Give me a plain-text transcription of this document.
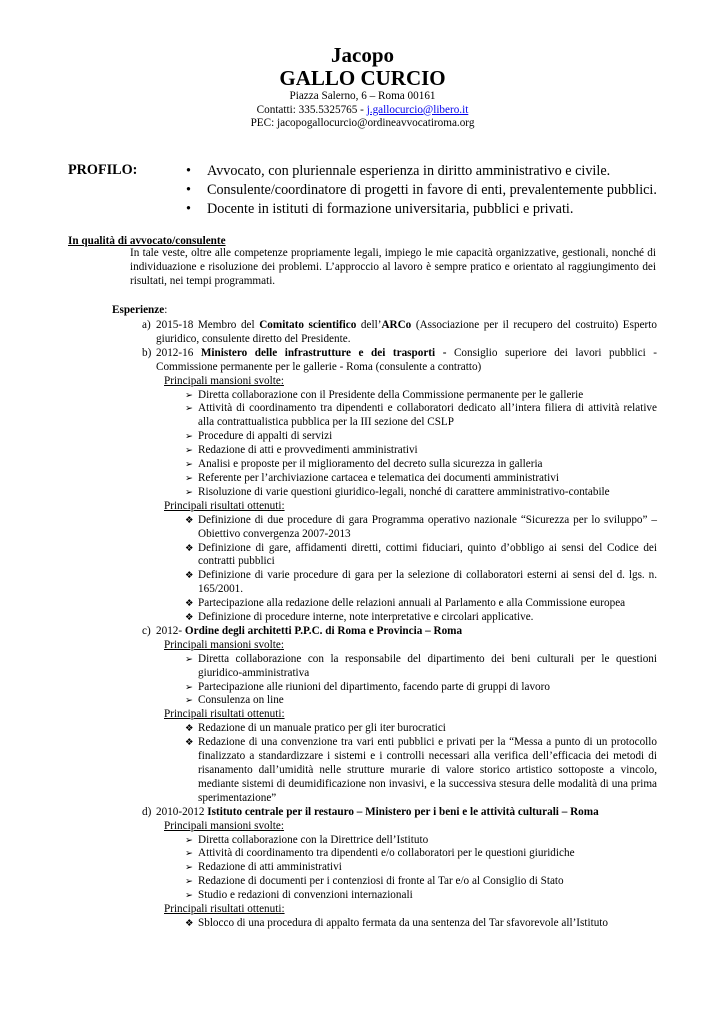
Jacopo
GALLO CURCIO
Piazza Salerno, 6 – Roma 00161
Contatti: 335.5325765 - j.gallocurcio@libero.it
PEC: jacopogallocurcio@ordineavvocatiroma.org
PROFILO:
•	Avvocato, con pluriennale esperienza in diritto amministrativo e civile.
• Consulente/coordinatore di progetti in favore di enti, prevalentemente pubblici.
• Docente in istituti di formazione universitaria, pubblici e privati.
In qualità di avvocato/consulente
In tale veste, oltre alle competenze propriamente legali, impiego le mie capacità organizzative, gestionali, nonché di individuazione e risoluzione dei problemi. L’approccio al lavoro è sempre pratico e orientato al raggiungimento dei risultati, nei tempi programmati.
Esperienze:
a) 2015-18 Membro del Comitato scientifico dell’ARCo (Associazione per il recupero del costruito) Esperto giuridico, consulente diretto del Presidente.
b) 2012-16 Ministero delle infrastrutture e dei trasporti - Consiglio superiore dei lavori pubblici - Commissione permanente per le gallerie - Roma (consulente a contratto)
Principali mansioni svolte:
➢ Diretta collaborazione con il Presidente della Commissione permanente per le gallerie
➢ Attività di coordinamento tra dipendenti e collaboratori dedicato all’intera filiera di attività relative alla contrattualistica pubblica per la III sezione del CSLP
➢ Procedure di appalti di servizi
➢ Redazione di atti e provvedimenti amministrativi
➢ Analisi e proposte per il miglioramento del decreto sulla sicurezza in galleria
➢ Referente per l’archiviazione cartacea e telematica dei documenti amministrativi
➢ Risoluzione di varie questioni giuridico-legali, nonché di carattere amministrativo-contabile
Principali risultati ottenuti:
❖ Definizione di due procedure di gara Programma operativo nazionale “Sicurezza per lo sviluppo” – Obiettivo convergenza 2007-2013
❖ Definizione di gare, affidamenti diretti, cottimi fiduciari, quinto d’obbligo ai sensi del Codice dei contratti pubblici
❖ Definizione di varie procedure di gara per la selezione di collaboratori esterni ai sensi del d. lgs. n. 165/2001.
❖ Partecipazione alla redazione delle relazioni annuali al Parlamento e alla Commissione europea
❖ Definizione di procedure interne, note interpretative e circolari applicative.
c) 2012- Ordine degli architetti P.P.C. di Roma e Provincia – Roma
Principali mansioni svolte:
➢ Diretta collaborazione con la responsabile del dipartimento dei beni culturali per le questioni giuridico-amministrativa
➢ Partecipazione alle riunioni del dipartimento, facendo parte di gruppi di lavoro
➢ Consulenza on line
Principali risultati ottenuti:
❖ Redazione di un manuale pratico per gli iter burocratici
❖ Redazione di una convenzione tra vari enti pubblici e privati per la “Messa a punto di un protocollo finalizzato a standardizzare i sistemi e i controlli necessari alla verifica dell’efficacia dei metodi di risanamento dall’umidità nelle strutture murarie di valore storico artistico sottoposte a vincolo, mediante sistemi di deumidificazione non invasivi, e la successiva stesura delle modalità di una prima sperimentazione”
d) 2010-2012 Istituto centrale per il restauro – Ministero per i beni e le attività culturali – Roma
Principali mansioni svolte:
➢ Diretta collaborazione con la Direttrice dell’Istituto
➢ Attività di coordinamento tra dipendenti e/o collaboratori per le questioni giuridiche
➢ Redazione di atti amministrativi
➢ Redazione di documenti per i contenziosi di fronte al Tar e/o al Consiglio di Stato
➢ Studio e redazioni di convenzioni internazionali
Principali risultati ottenuti:
❖ Sblocco di una procedura di appalto fermata da una sentenza del Tar sfavorevole all’Istituto
